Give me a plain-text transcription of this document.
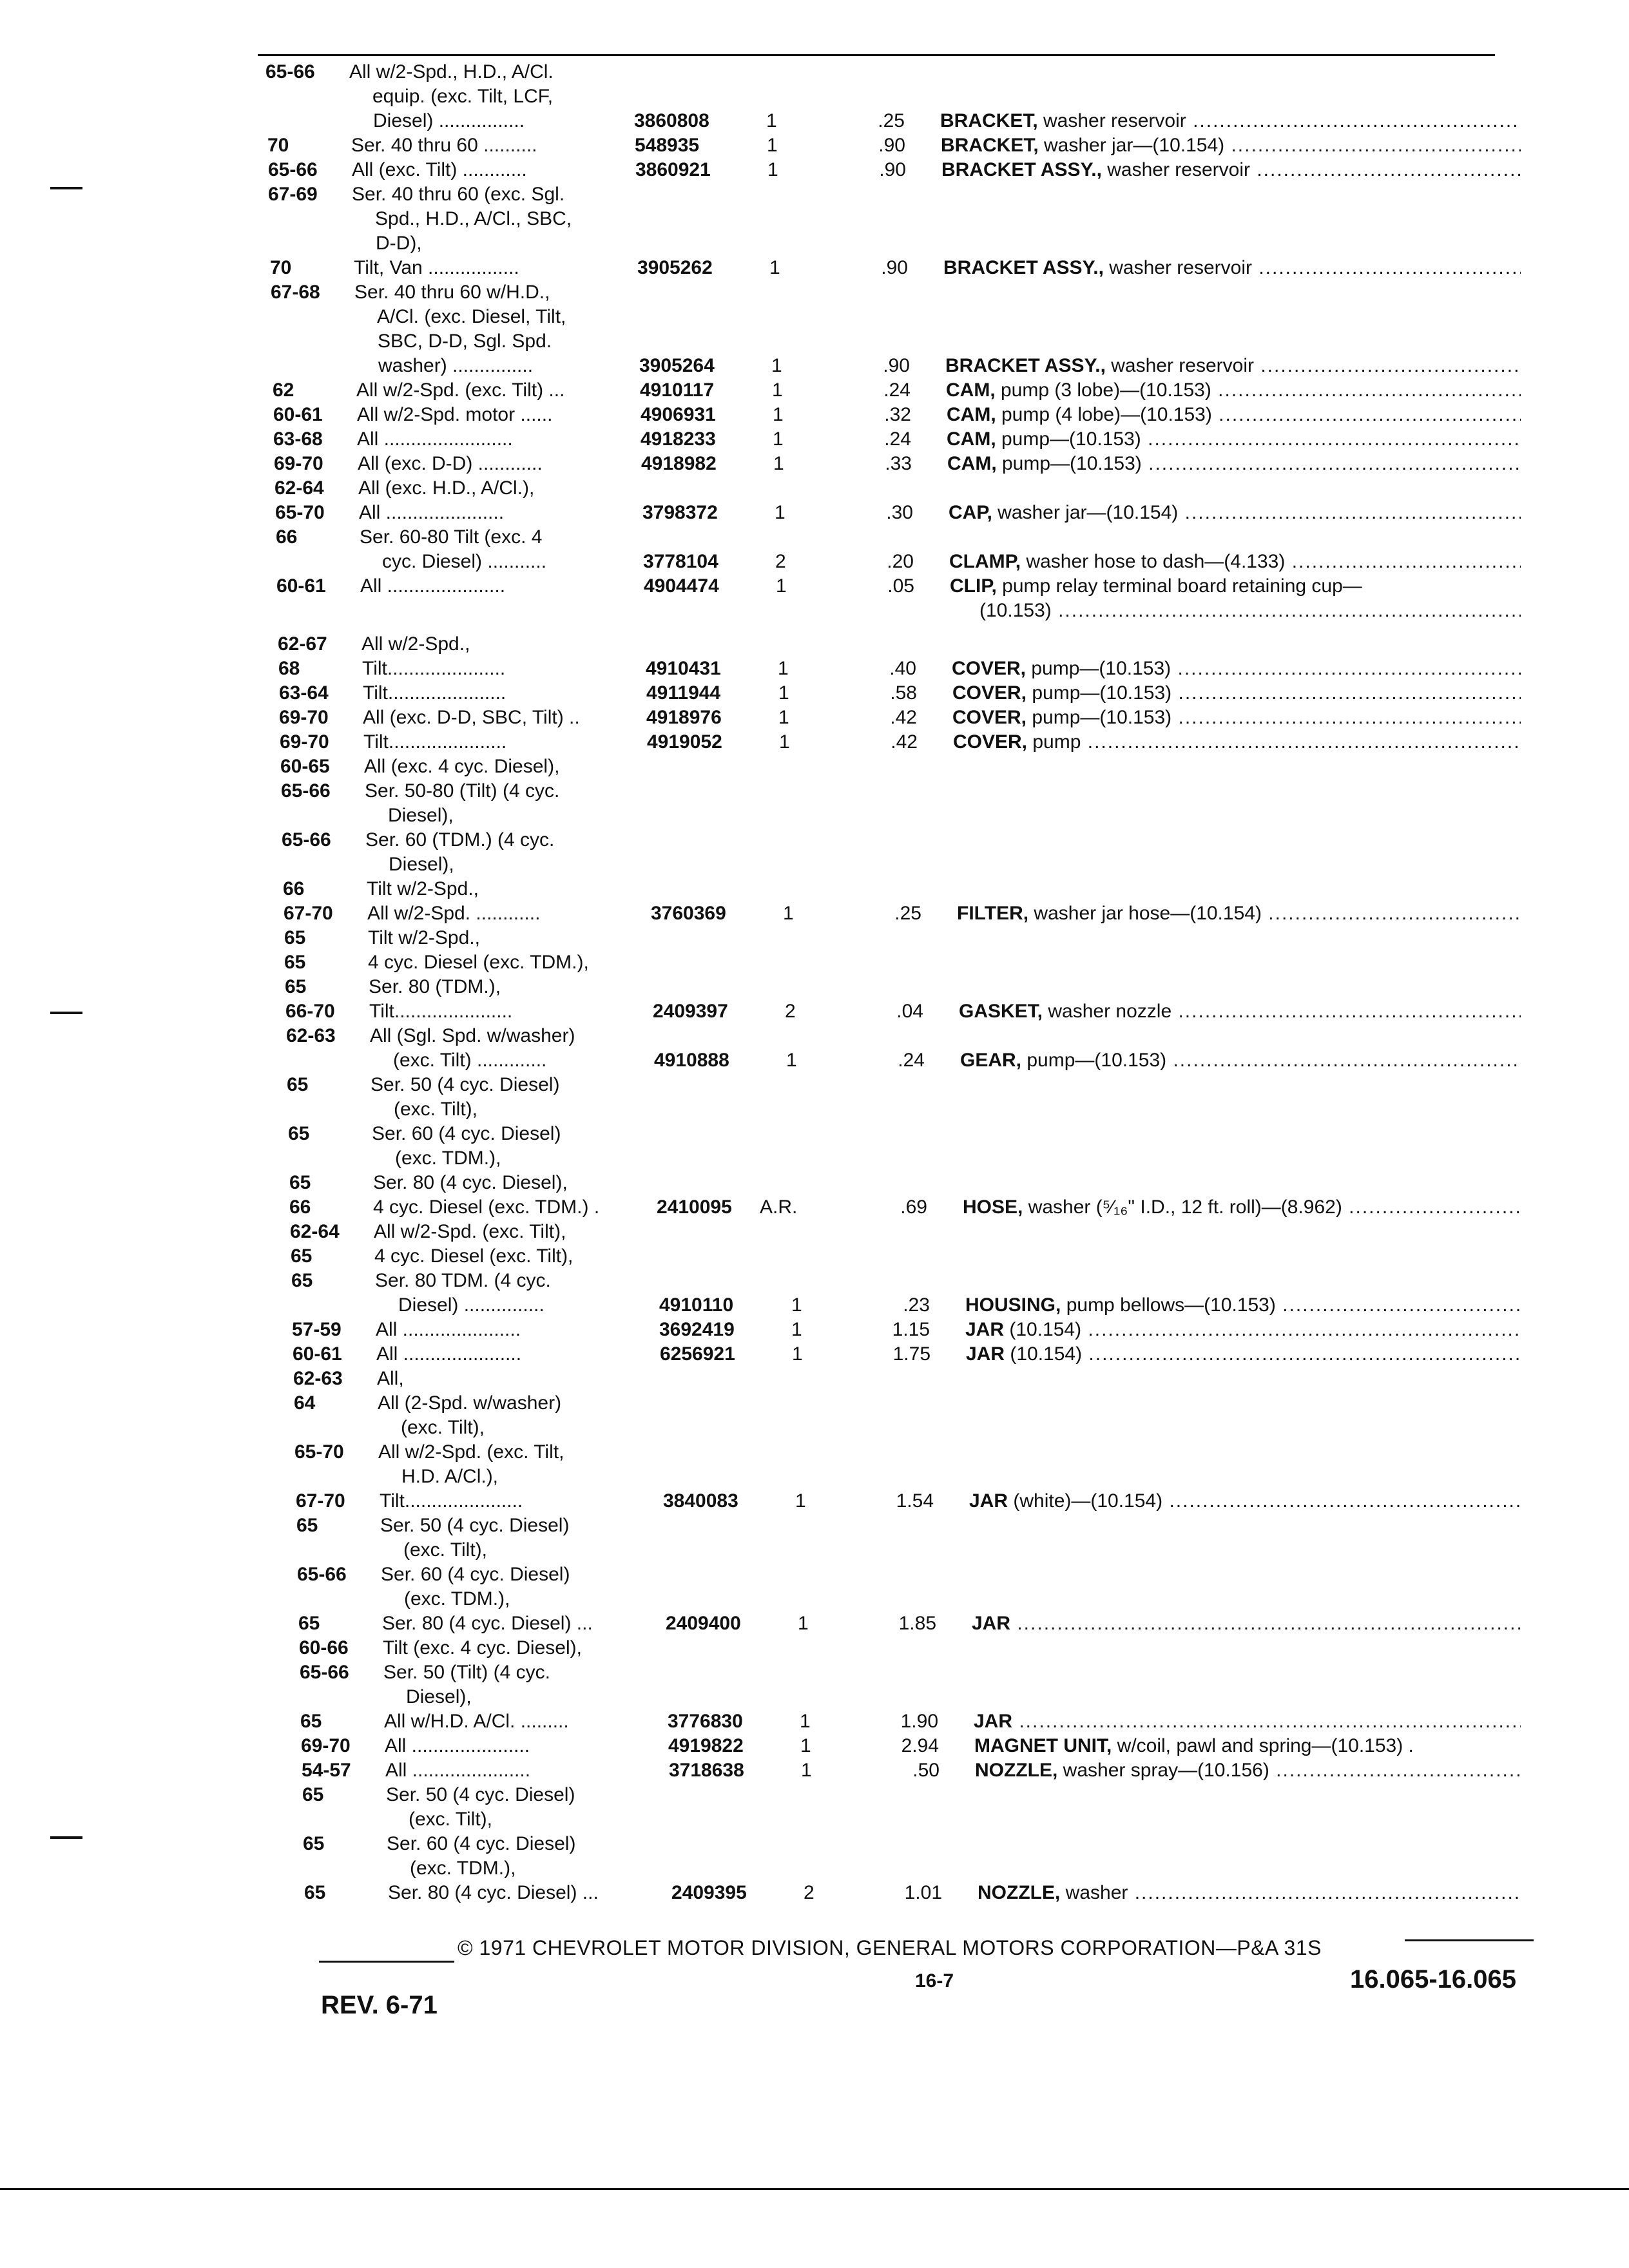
65-66 All w/2-Spd., H.D., A/Cl.
equip. (exc. Tilt, LCF,
Diesel) ................	3860808	1	.25 BRACKET, washer reservoir .....
70	Ser. 40 thru 60 ..........	548935	1	.90 BRACKET, washer jar—(10.154) .....
65-66 All (exc. Tilt) ............	3860921	1	.90 BRACKET ASSY., washer reservoir .....
67-69 Ser. 40 thru 60 (exc. Sgl.
Spd., H.D., A/Cl., SBC,
D-D),
70	Tilt, Van .................	3905262	1	.90 BRACKET ASSY., washer reservoir .....
67-68 Ser. 40 thru 60 w/H.D.,
A/Cl. (exc. Diesel, Tilt,
SBC, D-D, Sgl. Spd.
washer) ...............	3905264	1	.90 BRACKET ASSY., washer reservoir .....
62	All w/2-Spd. (exc. Tilt) ...	4910117	1	.24 CAM, pump (3 lobe)—(10.153) .....
60-61 All w/2-Spd. motor ......	4906931	1	.32 CAM, pump (4 lobe)—(10.153) .....
63-68 All ........................	4918233	1	.24 CAM, pump—(10.153) .....
69-70 All (exc. D-D) ............	4918982	1	.33 CAM, pump—(10.153) .....
62-64 All (exc. H.D., A/Cl.),
65-70 All ......................	3798372	1	.30 CAP, washer jar—(10.154) .....
66	Ser. 60-80 Tilt (exc. 4
cyc. Diesel) ...........	3778104	2	.20 CLAMP, washer hose to dash—(4.133) .....
60-61 All ......................	4904474	1	.05 CLIP, pump relay terminal board retaining cup—
(10.153) .....
62-67 All w/2-Spd.,
68	Tilt......................	4910431	1	.40 COVER, pump—(10.153) .....
63-64 Tilt......................	4911944	1	.58 COVER, pump—(10.153) .....
69-70 All (exc. D-D, SBC, Tilt) ..	4918976	1	.42 COVER, pump—(10.153) .....
69-70 Tilt......................	4919052	1	.42 COVER, pump .....
60-65 All (exc. 4 cyc. Diesel),
65-66 Ser. 50-80 (Tilt) (4 cyc.
Diesel),
65-66 Ser. 60 (TDM.) (4 cyc.
Diesel),
66	Tilt w/2-Spd.,
67-70 All w/2-Spd. ............	3760369	1	.25 FILTER, washer jar hose—(10.154) .....
65	Tilt w/2-Spd.,
65	4 cyc. Diesel (exc. TDM.),
65	Ser. 80 (TDM.),
66-70 Tilt......................	2409397	2	.04 GASKET, washer nozzle .....
62-63 All (Sgl. Spd. w/washer)
(exc. Tilt) .............	4910888	1	.24 GEAR, pump—(10.153) .....
65	Ser. 50 (4 cyc. Diesel)
(exc. Tilt),
65	Ser. 60 (4 cyc. Diesel)
(exc. TDM.),
65	Ser. 80 (4 cyc. Diesel),
66	4 cyc. Diesel (exc. TDM.) .	2410095 A.R.	.69 HOSE, washer (⁵⁄₁₆" I.D., 12 ft. roll)—(8.962) .....
62-64 All w/2-Spd. (exc. Tilt),
65	4 cyc. Diesel (exc. Tilt),
65	Ser. 80 TDM. (4 cyc.
Diesel) ...............	4910110	1	.23 HOUSING, pump bellows—(10.153) .....
57-59 All ......................	3692419	1	1.15 JAR (10.154) .....
60-61 All ......................	6256921	1	1.75 JAR (10.154) .....
62-63 All,
64	All (2-Spd. w/washer)
(exc. Tilt),
65-70 All w/2-Spd. (exc. Tilt,
H.D. A/Cl.),
67-70 Tilt......................	3840083	1	1.54 JAR (white)—(10.154) .....
65	Ser. 50 (4 cyc. Diesel)
(exc. Tilt),
65-66 Ser. 60 (4 cyc. Diesel)
(exc. TDM.),
65	Ser. 80 (4 cyc. Diesel) ...	2409400	1	1.85 JAR .....
60-66 Tilt (exc. 4 cyc. Diesel),
65-66 Ser. 50 (Tilt) (4 cyc.
Diesel),
65	All w/H.D. A/Cl. .........	3776830	1	1.90 JAR .....
69-70 All ......................	4919822	1	2.94 MAGNET UNIT, w/coil, pawl and spring—(10.153) .
54-57 All ......................	3718638	1	.50 NOZZLE, washer spray—(10.156) .....
65	Ser. 50 (4 cyc. Diesel)
(exc. Tilt),
65	Ser. 60 (4 cyc. Diesel)
(exc. TDM.),
65	Ser. 80 (4 cyc. Diesel) ...	2409395	2	1.01 NOZZLE, washer .....
© 1971 CHEVROLET MOTOR DIVISION, GENERAL MOTORS CORPORATION—P&A 31S
REV. 6-71
16-7	16.065-16.065
